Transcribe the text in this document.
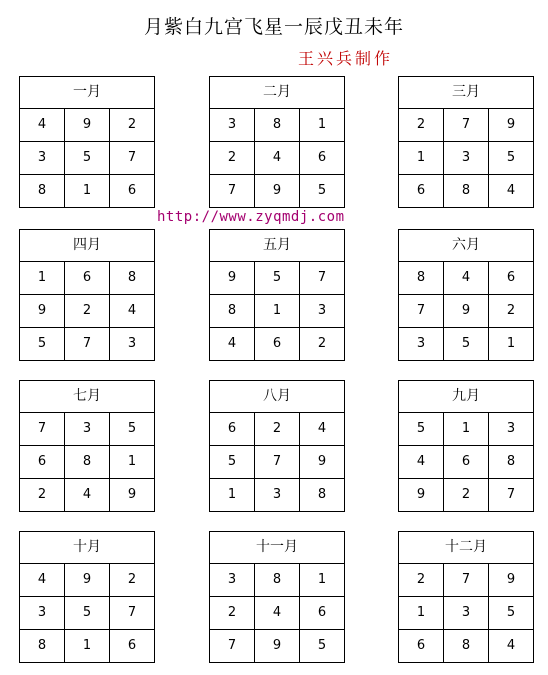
月紫白九宫飞星一辰戊丑未年
王兴兵制作
一月
4	9	2
3	5	7
8	1	6
二月
3	8	1
2	4	6
7	9	5
三月
2	7	9
1	3	5
6	8	4
四月
1	6	8
9	2	4
5	7	3
五月
9	5	7
8	1	3
4	6	2
六月
8	4	6
7	9	2
3	5	1
七月
7	3	5
6	8	1
2	4	9
八月
6	2	4
5	7	9
1	3	8
九月
5	1	3
4	6	8
9	2	7
十月
4	9	2
3	5	7
8	1	6
十一月
3	8	1
2	4	6
7	9	5
十二月
2	7	9
1	3	5
6	8	4
http://www.zyqmdj.com
